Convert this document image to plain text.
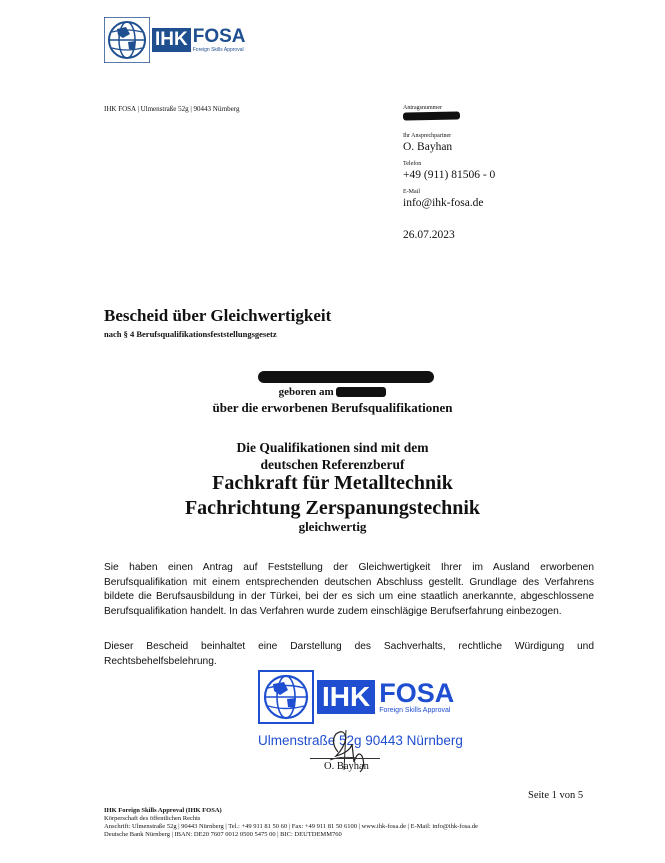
IHK FOSA
Foreign Skills Approval
IHK FOSA | Ulmenstraße 52g | 90443 Nürnberg	Antragsnummer
Ihr Ansprechpartner
O. Bayhan
Telefon
+49 (911) 81506 - 0
E-Mail
info@ihk-fosa.de
26.07.2023
Bescheid über Gleichwertigkeit
nach § 4 Berufsqualifikationsfeststellungsgesetz
geboren am
über die erworbenen Berufsqualifikationen
Die Qualifikationen sind mit dem
deutschen Referenzberuf
Fachkraft für Metalltechnik
Fachrichtung Zerspanungstechnik
gleichwertig

Sie haben einen Antrag auf Feststellung der Gleichwertigkeit Ihrer im Ausland erworbenen Berufsqualifikation mit einem entsprechenden deutschen Abschluss gestellt. Grundlage des Verfahrens bildete die Berufsausbildung in der Türkei, bei der es sich um eine staatlich anerkannte, abgeschlossene Berufsqualifikation handelt. In das Verfahren wurde zudem einschlägige Berufserfahrung einbezogen.

Dieser Bescheid beinhaltet eine Darstellung des Sachverhalts, rechtliche Würdigung und Rechtsbehelfsbelehrung.

IHK FOSA
Foreign Skills Approval
Ulmenstraße 52g 90443 Nürnberg
O. Bayhan
Seite 1 von 5
IHK Foreign Skills Approval (IHK FOSA)
Körperschaft des öffentlichen Rechts
Anschrift: Ulmenstraße 52g | 90443 Nürnberg | Tel.: +49 911 81 50 60 | Fax: +49 911 81 50 6100 | www.ihk-fosa.de | E-Mail: info@ihk-fosa.de
Deutsche Bank Nürnberg | IBAN: DE20 7607 0012 0500 5475 00 | BIC: DEUTDEMM760
